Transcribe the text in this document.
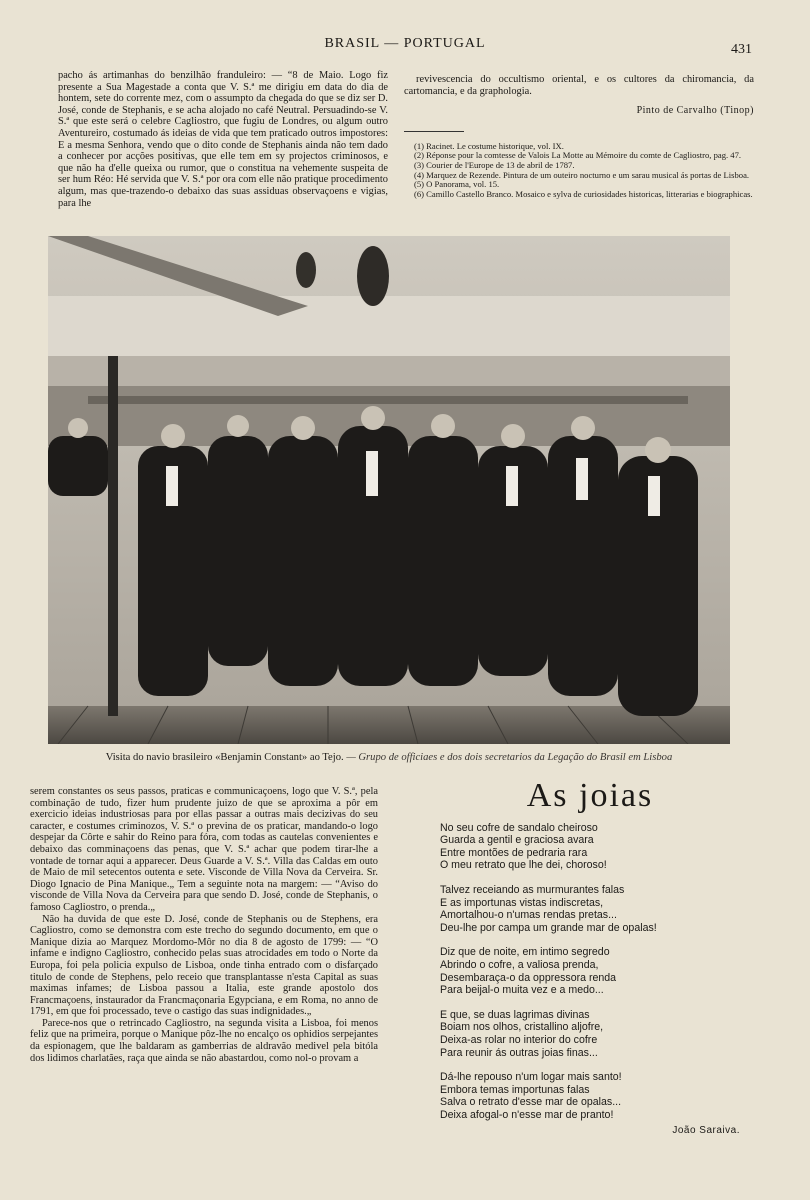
BRASIL — PORTUGAL	431

pacho ás artimanhas do benzilhão franduleiro: — “8 de Maio. Logo fiz presente a Sua Magestade a conta que V. S.ª me dirigiu em data do dia de hontem, sete do corrente mez, com o assumpto da chegada do que se diz ser D. José, conde de Stephanis, e se acha alojado no café Neutral. Persuadindo-se V. S.ª que este será o celebre Cagliostro, que fugiu de Londres, ou algum outro Aventureiro, costumado ás ideias de vida que tem praticado outros impostores: E a mesma Senhora, vendo que o dito conde de Stephanis ainda não tem dado a conhecer por acções positivas, que elle tem em sy projectos criminosos, e que não ha d'elle queixa ou rumor, que o constitua na vehemente suspeita de ser hum Réo: Hé servida que V. S.ª por ora com elle não pratique procedimento algum, mas que-trazendo-o debaixo das suas assiduas observaçoens e vigias, para lhe

revivescencia do occultismo oriental, e os cultores da chiromancia, da cartomancia, e da graphologia.

Pinto de Carvalho (Tinop)
(1) Racinet. Le costume historique, vol. IX.
(2) Réponse pour la comtesse de Valois La Motte au Mémoire du comte de Cagliostro, pag. 47.
(3) Courier de l'Europe de 13 de abril de 1787.
(4) Marquez de Rezende. Pintura de um outeiro nocturno e um sarau musical ás portas de Lisboa.
(5) O Panorama, vol. 15.
(6) Camillo Castello Branco. Mosaico e sylva de curiosidades historicas, litterarias e biographicas.
Visita do navio brasileiro «Benjamin Constant» ao Tejo. — Grupo de officiaes e dos dois secretarios da Legação do Brasil em Lisboa

serem constantes os seus passos, praticas e communicaçoens, logo que V. S.ª, pela combinação de tudo, fizer hum prudente juizo de que se aproxima a pôr em exercicio ideias industriosas para por ellas passar a outras mais decizivas do seu caracter, e costumes criminozos, V. S.ª o previna de os praticar, mandando-o logo despejar da Côrte e sahir do Reino para fóra, com todas as cautelas convenientes e debaixo das comminaçoens das penas, que V. S.ª achar que podem tirar-lhe a vontade de tornar aqui a apparecer. Deus Guarde a V. S.ª. Villa das Caldas em outo de Maio de mil setecentos outenta e sete. Visconde de Villa Nova da Cerveira. Sr. Diogo Ignacio de Pina Manique.„ Tem a seguinte nota na margem: — “Aviso do visconde de Villa Nova da Cerveira para que sendo D. José, conde de Stephanis, o famoso Cagliostro, o prenda.„

Não ha duvida de que este D. José, conde de Stephanis ou de Stephens, era Cagliostro, como se demonstra com este trecho do segundo documento, em que o Manique dizia ao Marquez Mordomo-Môr no dia 8 de agosto de 1799: — “O infame e indigno Cagliostro, conhecido pelas suas atrocidades em todo o Norte da Europa, foi pela policia expulso de Lisboa, onde tinha entrado com o disfarçado titulo de conde de Stephens, pelo receio que transplantasse n'esta Capital as suas maximas infames; de Lisboa passou a Italia, este grande apostolo dos Francmaçoens, instaurador da Francmaçonaria Egypciana, e em Roma, no anno de 1791, em que foi processado, teve o castigo das suas indignidades.„

Parece-nos que o retrincado Cagliostro, na segunda visita a Lisboa, foi menos feliz que na primeira, porque o Manique pôz-lhe no encalço os ophidios serpejantes da espionagem, que lhe baldaram as gamberrias de aldravão medivel pela bitóla dos lidimos charlatães, raça que ainda se não abastardou, como nol-o provam a

As joias
No seu cofre de sandalo cheiroso
Guarda a gentil e graciosa avara
Entre montões de pedraria rara
O meu retrato que lhe dei, choroso!
Talvez receiando as murmurantes falas
E as importunas vistas indiscretas,
Amortalhou-o n'umas rendas pretas...
Deu-lhe por campa um grande mar de opalas!
Diz que de noite, em intimo segredo
Abrindo o cofre, a valiosa prenda,
Desembaraça-o da oppressora renda
Para beijal-o muita vez e a medo...
E que, se duas lagrimas divinas
Boiam nos olhos, cristallino aljofre,
Deixa-as rolar no interior do cofre
Para reunir ás outras joias finas...
Dá-lhe repouso n'um logar mais santo!
Embora temas importunas falas
Salva o retrato d'esse mar de opalas...
Deixa afogal-o n'esse mar de pranto!
João Saraiva.
